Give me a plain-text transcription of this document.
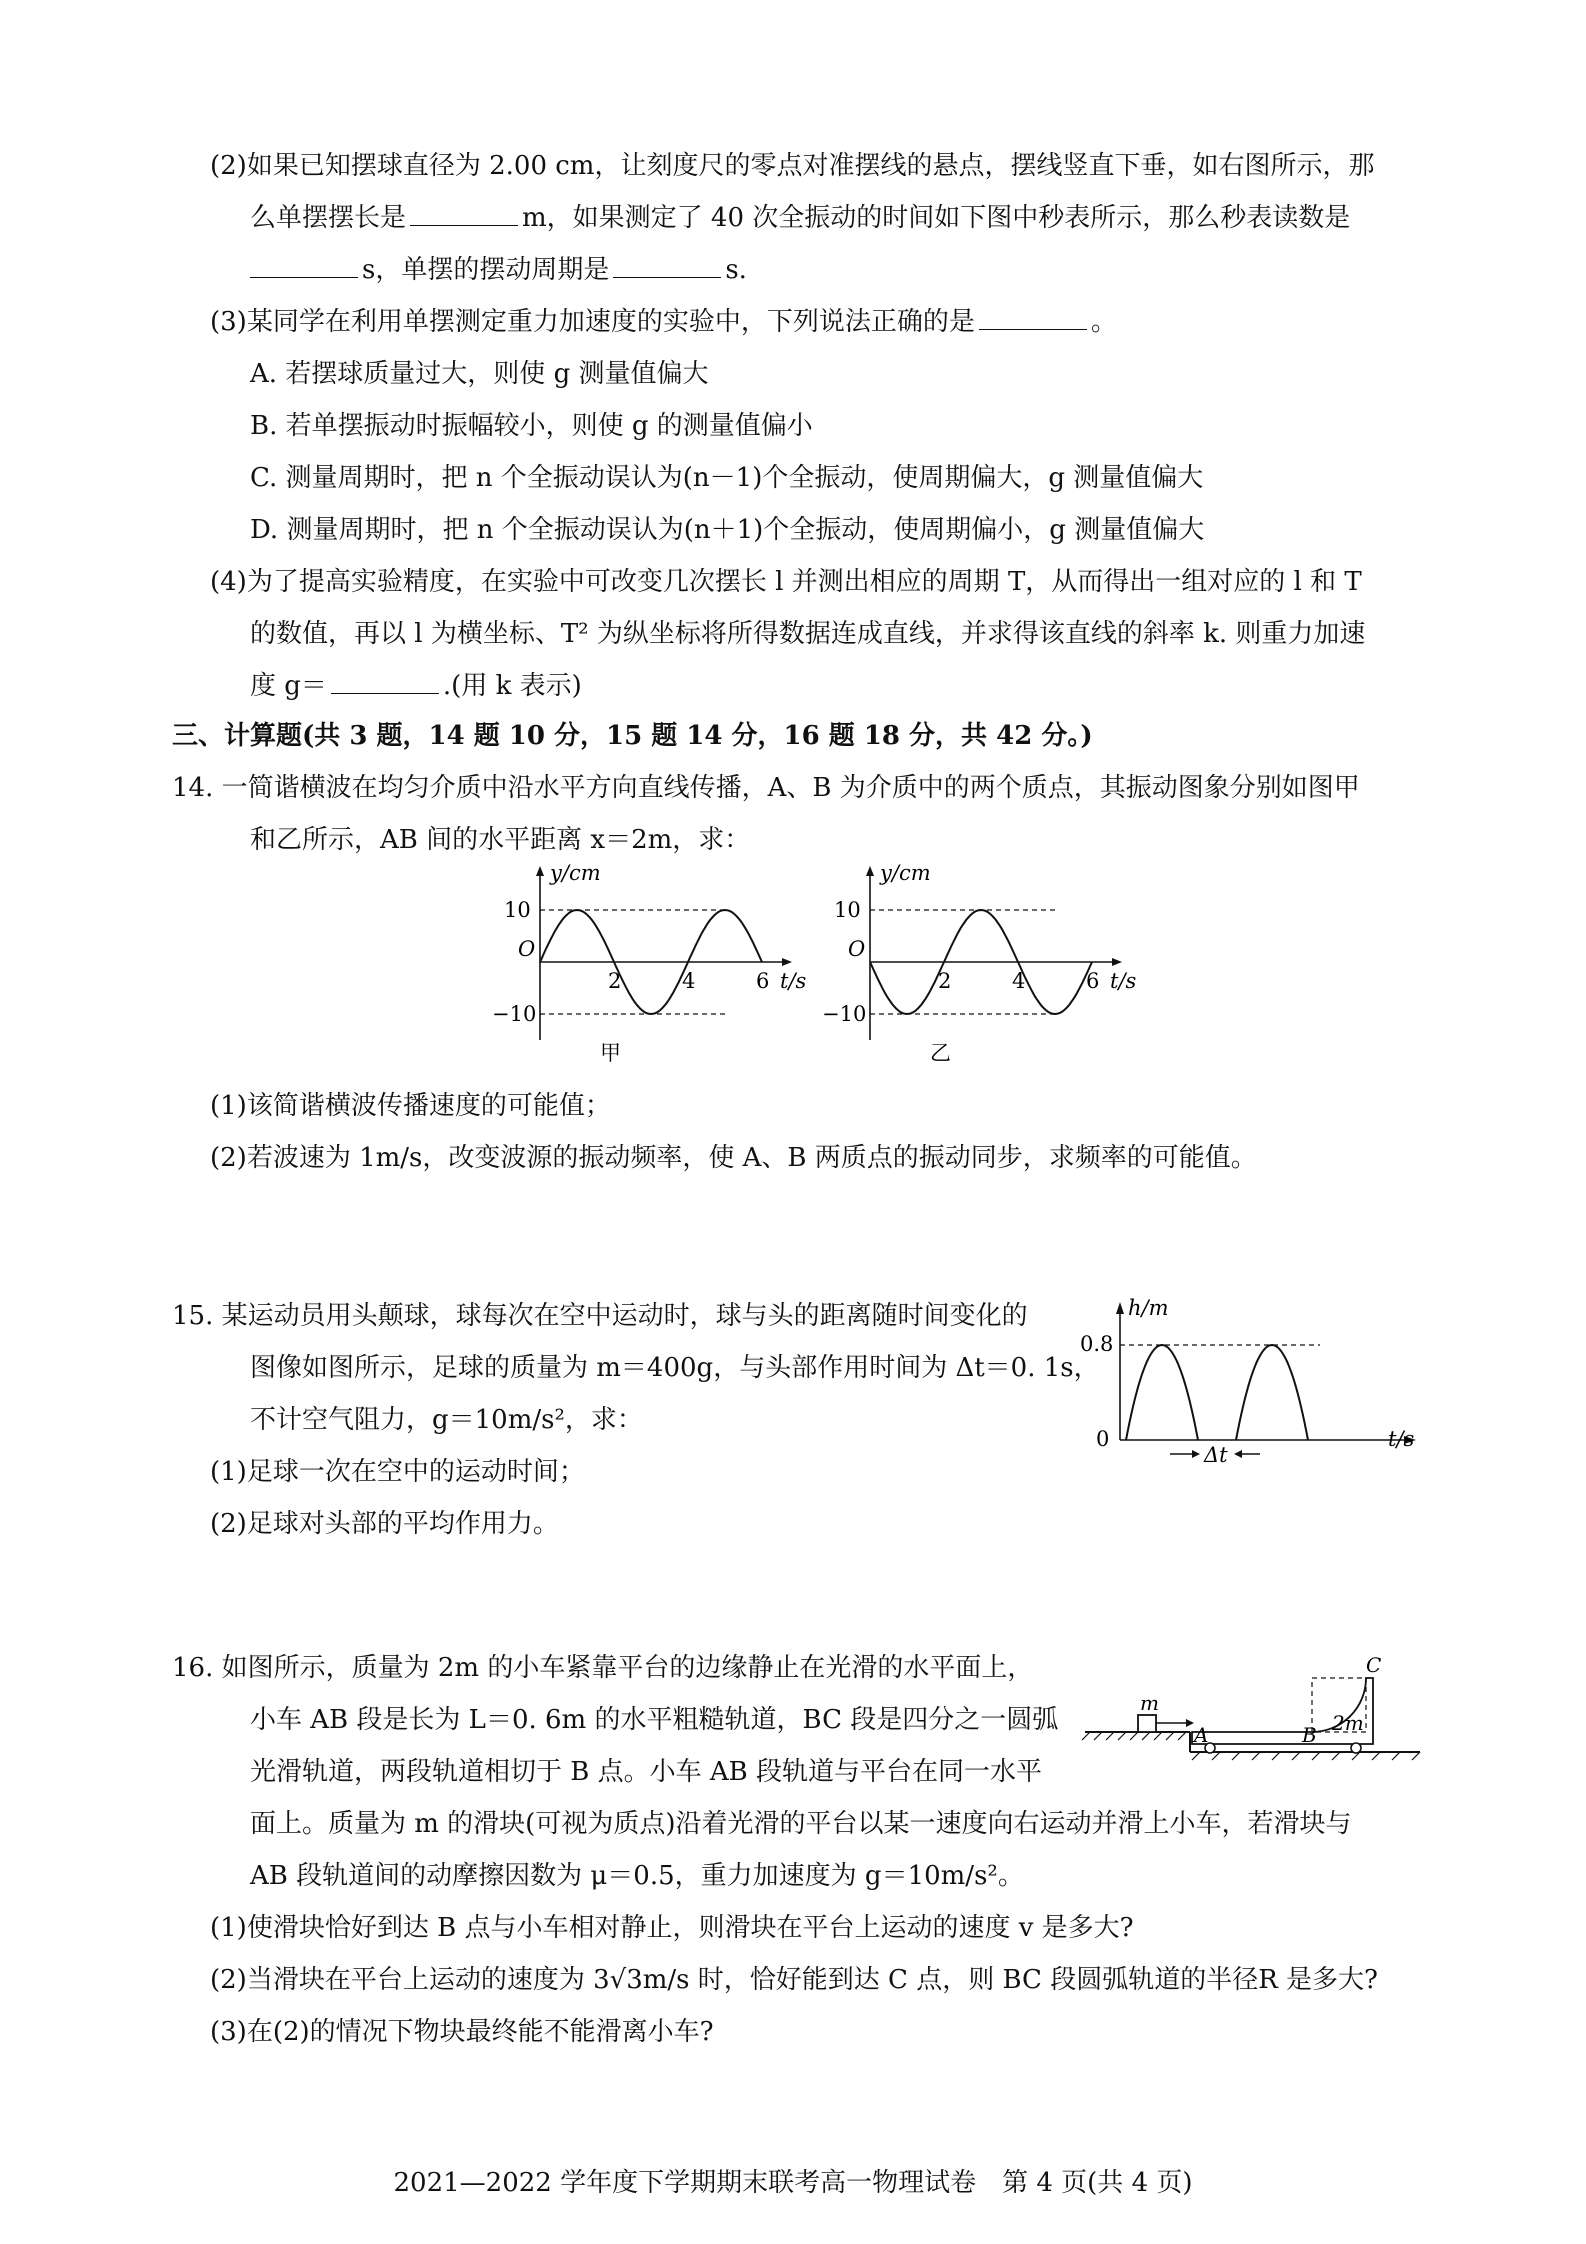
(2)如果已知摆球直径为 2.00 cm，让刻度尺的零点对准摆线的悬点，摆线竖直下垂，如右图所示，那
么单摆摆长是	m，如果测定了 40 次全振动的时间如下图中秒表所示，那么秒表读数是
s，单摆的摆动周期是	s.
(3)某同学在利用单摆测定重力加速度的实验中，下列说法正确的是	。
A. 若摆球质量过大，则使 g 测量值偏大
B. 若单摆振动时振幅较小，则使 g 的测量值偏小
C. 测量周期时，把 n 个全振动误认为(n－1)个全振动，使周期偏大，g 测量值偏大
D. 测量周期时，把 n 个全振动误认为(n＋1)个全振动，使周期偏小，g 测量值偏大
(4)为了提高实验精度，在实验中可改变几次摆长 l 并测出相应的周期 T，从而得出一组对应的 l 和 T
的数值，再以 l 为横坐标、T² 为纵坐标将所得数据连成直线，并求得该直线的斜率 k. 则重力加速
度 g＝	.(用 k 表示)
三、计算题(共 3 题，14 题 10 分，15 题 14 分，16 题 18 分，共 42 分。)
14. 一简谐横波在均匀介质中沿水平方向直线传播，A、B 为介质中的两个质点，其振动图象分别如图甲
和乙所示，AB 间的水平距离 x＝2m，求：
y/cm
t/s
O
10
−10
2	4	6
甲
y/cm
t/s
O
10
−10
2	4	6
乙
(1)该简谐横波传播速度的可能值；
(2)若波速为 1m/s，改变波源的振动频率，使 A、B 两质点的振动同步，求频率的可能值。
15. 某运动员用头颠球，球每次在空中运动时，球与头的距离随时间变化的
图像如图所示，足球的质量为 m＝400g，与头部作用时间为 Δt＝0. 1s，
不计空气阻力，g＝10m/s²，求：
(1)足球一次在空中的运动时间；
(2)足球对头部的平均作用力。
Δt
h/m
t/s
0
0.8
16. 如图所示，质量为 2m 的小车紧靠平台的边缘静止在光滑的水平面上，
小车 AB 段是长为 L＝0. 6m 的水平粗糙轨道，BC 段是四分之一圆弧
光滑轨道，两段轨道相切于 B 点。小车 AB 段轨道与平台在同一水平
面上。质量为 m 的滑块(可视为质点)沿着光滑的平台以某一速度向右运动并滑上小车，若滑块与
AB 段轨道间的动摩擦因数为 μ＝0.5，重力加速度为 g＝10m/s²。
(1)使滑块恰好到达 B 点与小车相对静止，则滑块在平台上运动的速度 v 是多大?
(2)当滑块在平台上运动的速度为 3√3m/s 时，恰好能到达 C 点，则 BC 段圆弧轨道的半径R 是多大?
(3)在(2)的情况下物块最终能不能滑离小车?
m
A	B
C
2m
2021—2022 学年度下学期期末联考高一物理试卷　第 4 页(共 4 页)
